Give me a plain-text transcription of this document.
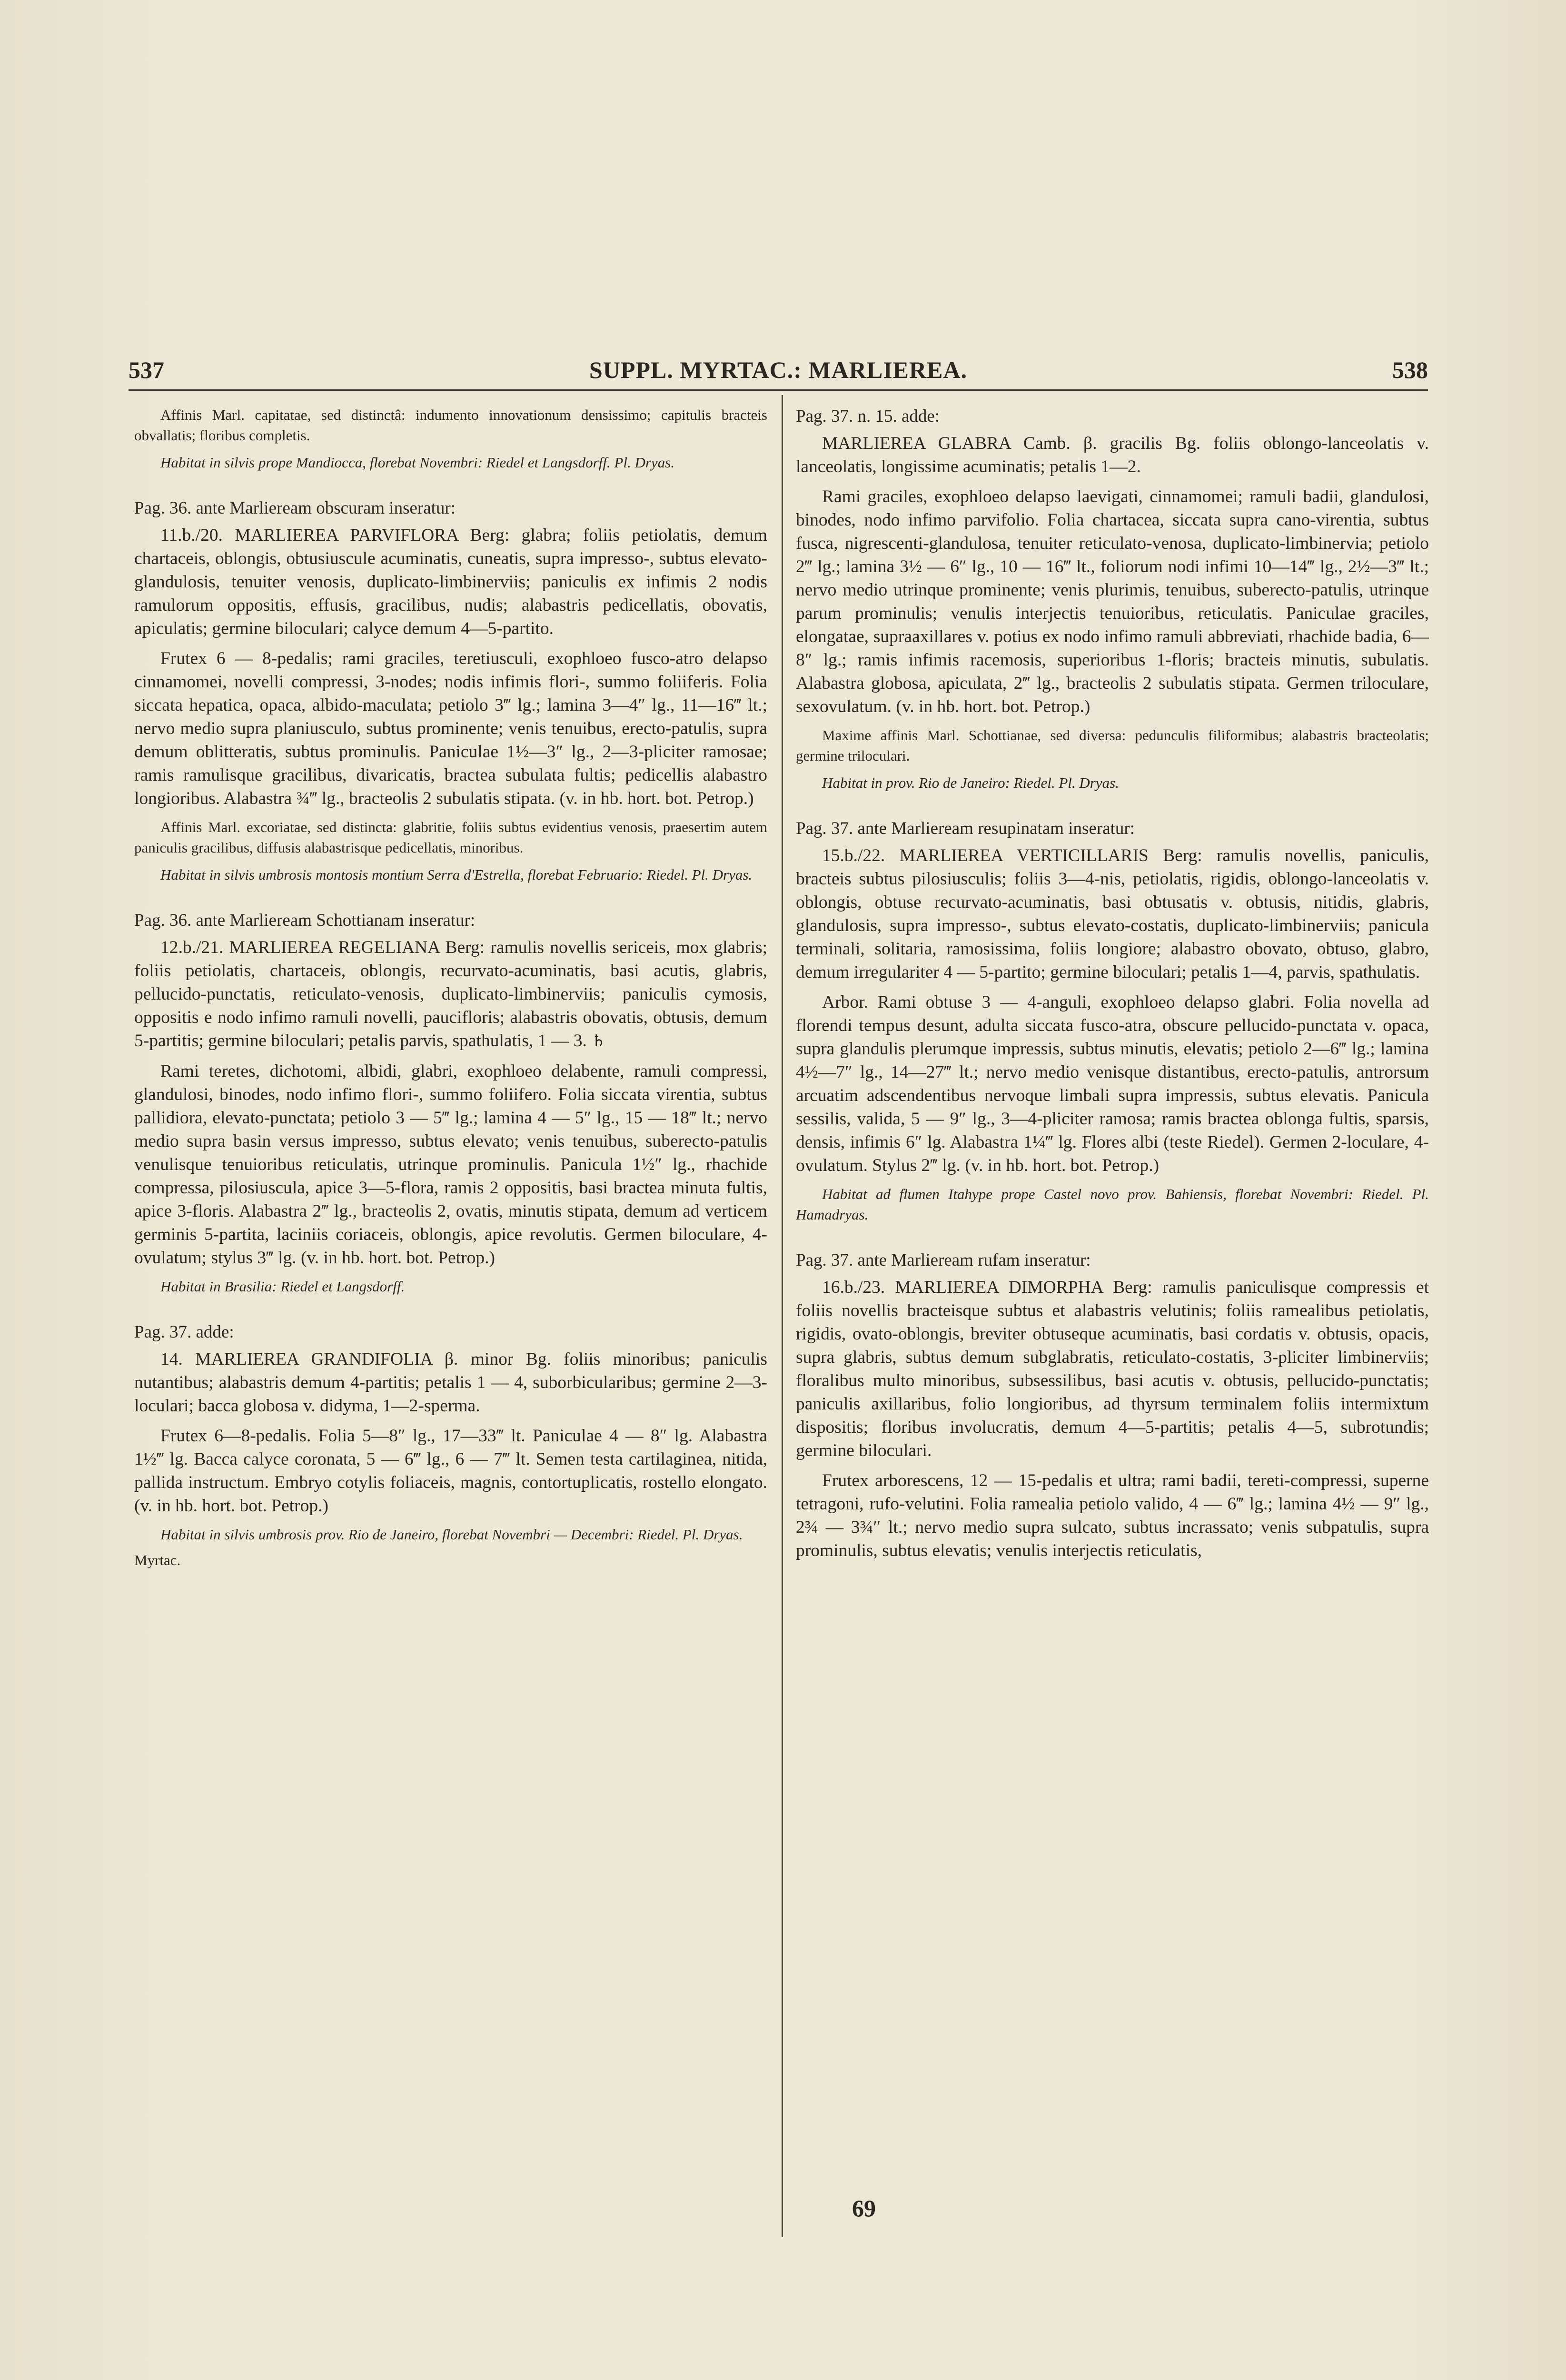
537	SUPPL. MYRTAC.: MARLIEREA.	538

Affinis Marl. capitatae, sed distinctâ: indumento innovationum densissimo; capitulis bracteis obvallatis; floribus completis.

Habitat in silvis prope Mandiocca, florebat Novembri: Riedel et Langsdorff. Pl. Dryas.

Pag. 36. ante Marlieream obscuram inseratur:

11.b./20. MARLIEREA PARVIFLORA Berg: glabra; foliis petiolatis, demum chartaceis, oblongis, obtusiuscule acuminatis, cuneatis, supra impresso-, subtus elevato-glandulosis, tenuiter venosis, duplicato-limbinerviis; paniculis ex infimis 2 nodis ramulorum oppositis, effusis, gracilibus, nudis; alabastris pedicellatis, obovatis, apiculatis; germine biloculari; calyce demum 4—5-partito.

Frutex 6 — 8-pedalis; rami graciles, teretiusculi, exophloeo fusco-atro delapso cinnamomei, novelli compressi, 3-nodes; nodis infimis flori-, summo foliiferis. Folia siccata hepatica, opaca, albido-maculata; petiolo 3‴ lg.; lamina 3—4″ lg., 11—16‴ lt.; nervo medio supra planiusculo, subtus prominente; venis tenuibus, erecto-patulis, supra demum oblitteratis, subtus prominulis. Paniculae 1½—3″ lg., 2—3-pliciter ramosae; ramis ramulisque gracilibus, divaricatis, bractea subulata fultis; pedicellis alabastro longioribus. Alabastra ¾‴ lg., bracteolis 2 subulatis stipata. (v. in hb. hort. bot. Petrop.)

Affinis Marl. excoriatae, sed distincta: glabritie, foliis subtus evidentius venosis, praesertim autem paniculis gracilibus, diffusis alabastrisque pedicellatis, minoribus.

Habitat in silvis umbrosis montosis montium Serra d'Estrella, florebat Februario: Riedel. Pl. Dryas.

Pag. 36. ante Marlieream Schottianam inseratur:

12.b./21. MARLIEREA REGELIANA Berg: ramulis novellis sericeis, mox glabris; foliis petiolatis, chartaceis, oblongis, recurvato-acuminatis, basi acutis, glabris, pellucido-punctatis, reticulato-venosis, duplicato-limbinerviis; paniculis cymosis, oppositis e nodo infimo ramuli novelli, paucifloris; alabastris obovatis, obtusis, demum 5-partitis; germine biloculari; petalis parvis, spathulatis, 1 — 3. ♄

Rami teretes, dichotomi, albidi, glabri, exophloeo delabente, ramuli compressi, glandulosi, binodes, nodo infimo flori-, summo foliifero. Folia siccata virentia, subtus pallidiora, elevato-punctata; petiolo 3 — 5‴ lg.; lamina 4 — 5″ lg., 15 — 18‴ lt.; nervo medio supra basin versus impresso, subtus elevato; venis tenuibus, suberecto-patulis venulisque tenuioribus reticulatis, utrinque prominulis. Panicula 1½″ lg., rhachide compressa, pilosiuscula, apice 3—5-flora, ramis 2 oppositis, basi bractea minuta fultis, apice 3-floris. Alabastra 2‴ lg., bracteolis 2, ovatis, minutis stipata, demum ad verticem germinis 5-partita, laciniis coriaceis, oblongis, apice revolutis. Germen biloculare, 4-ovulatum; stylus 3‴ lg. (v. in hb. hort. bot. Petrop.)

Habitat in Brasilia: Riedel et Langsdorff.

Pag. 37. adde:

14. MARLIEREA GRANDIFOLIA β. minor Bg. foliis minoribus; paniculis nutantibus; alabastris demum 4-partitis; petalis 1 — 4, suborbicularibus; germine 2—3-loculari; bacca globosa v. didyma, 1—2-sperma.

Frutex 6—8-pedalis. Folia 5—8″ lg., 17—33‴ lt. Paniculae 4 — 8″ lg. Alabastra 1½‴ lg. Bacca calyce coronata, 5 — 6‴ lg., 6 — 7‴ lt. Semen testa cartilaginea, nitida, pallida instructum. Embryo cotylis foliaceis, magnis, contortuplicatis, rostello elongato. (v. in hb. hort. bot. Petrop.)

Habitat in silvis umbrosis prov. Rio de Janeiro, florebat Novembri — Decembri: Riedel. Pl. Dryas.

Myrtac.

Pag. 37. n. 15. adde:

MARLIEREA GLABRA Camb. β. gracilis Bg. foliis oblongo-lanceolatis v. lanceolatis, longissime acuminatis; petalis 1—2.

Rami graciles, exophloeo delapso laevigati, cinnamomei; ramuli badii, glandulosi, binodes, nodo infimo parvifolio. Folia chartacea, siccata supra cano-virentia, subtus fusca, nigrescenti-glandulosa, tenuiter reticulato-venosa, duplicato-limbinervia; petiolo 2‴ lg.; lamina 3½ — 6″ lg., 10 — 16‴ lt., foliorum nodi infimi 10—14‴ lg., 2½—3‴ lt.; nervo medio utrinque prominente; venis plurimis, tenuibus, suberecto-patulis, utrinque parum prominulis; venulis interjectis tenuioribus, reticulatis. Paniculae graciles, elongatae, supraaxillares v. potius ex nodo infimo ramuli abbreviati, rhachide badia, 6—8″ lg.; ramis infimis racemosis, superioribus 1-floris; bracteis minutis, subulatis. Alabastra globosa, apiculata, 2‴ lg., bracteolis 2 subulatis stipata. Germen triloculare, sexovulatum. (v. in hb. hort. bot. Petrop.)

Maxime affinis Marl. Schottianae, sed diversa: pedunculis filiformibus; alabastris bracteolatis; germine triloculari.

Habitat in prov. Rio de Janeiro: Riedel. Pl. Dryas.

Pag. 37. ante Marlieream resupinatam inseratur:

15.b./22. MARLIEREA VERTICILLARIS Berg: ramulis novellis, paniculis, bracteis subtus pilosiusculis; foliis 3—4-nis, petiolatis, rigidis, oblongo-lanceolatis v. oblongis, obtuse recurvato-acuminatis, basi obtusatis v. obtusis, nitidis, glabris, glandulosis, supra impresso-, subtus elevato-costatis, duplicato-limbinerviis; panicula terminali, solitaria, ramosissima, foliis longiore; alabastro obovato, obtuso, glabro, demum irregulariter 4 — 5-partito; germine biloculari; petalis 1—4, parvis, spathulatis.

Arbor. Rami obtuse 3 — 4-anguli, exophloeo delapso glabri. Folia novella ad florendi tempus desunt, adulta siccata fusco-atra, obscure pellucido-punctata v. opaca, supra glandulis plerumque impressis, subtus minutis, elevatis; petiolo 2—6‴ lg.; lamina 4½—7″ lg., 14—27‴ lt.; nervo medio venisque distantibus, erecto-patulis, antrorsum arcuatim adscendentibus nervoque limbali supra impressis, subtus elevatis. Panicula sessilis, valida, 5 — 9″ lg., 3—4-pliciter ramosa; ramis bractea oblonga fultis, sparsis, densis, infimis 6″ lg. Alabastra 1¼‴ lg. Flores albi (teste Riedel). Germen 2-loculare, 4-ovulatum. Stylus 2‴ lg. (v. in hb. hort. bot. Petrop.)

Habitat ad flumen Itahype prope Castel novo prov. Bahiensis, florebat Novembri: Riedel. Pl. Hamadryas.

Pag. 37. ante Marlieream rufam inseratur:

16.b./23. MARLIEREA DIMORPHA Berg: ramulis paniculisque compressis et foliis novellis bracteisque subtus et alabastris velutinis; foliis ramealibus petiolatis, rigidis, ovato-oblongis, breviter obtuseque acuminatis, basi cordatis v. obtusis, opacis, supra glabris, subtus demum subglabratis, reticulato-costatis, 3-pliciter limbinerviis; floralibus multo minoribus, subsessilibus, basi acutis v. obtusis, pellucido-punctatis; paniculis axillaribus, folio longioribus, ad thyrsum terminalem foliis intermixtum dispositis; floribus involucratis, demum 4—5-partitis; petalis 4—5, subrotundis; germine biloculari.

Frutex arborescens, 12 — 15-pedalis et ultra; rami badii, tereti-compressi, superne tetragoni, rufo-velutini. Folia ramealia petiolo valido, 4 — 6‴ lg.; lamina 4½ — 9″ lg., 2¾ — 3¾″ lt.; nervo medio supra sulcato, subtus incrassato; venis subpatulis, supra prominulis, subtus elevatis; venulis interjectis reticulatis,

69
